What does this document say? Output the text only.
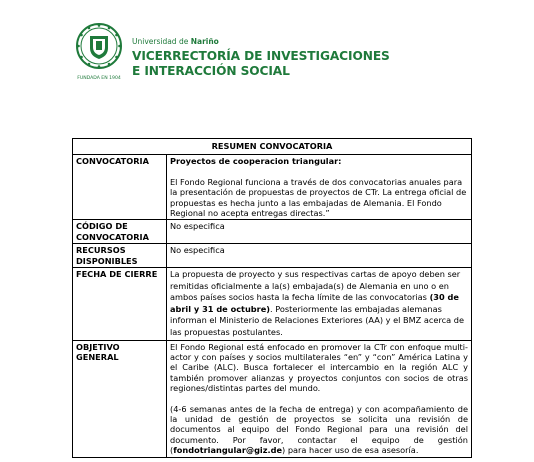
FUNDADA EN 1904
Universidad de Nariño
VICERRECTORÍA DE INVESTIGACIONES
E INTERACCIÓN SOCIAL
RESUMEN CONVOCATORIA	
CONVOCATORIA	Proyectos de cooperacion triangular:

El Fondo Regional funciona a través de dos convocatorias anuales para la presentación de propuestas de proyectos de CTr. La entrega oficial de propuestas es hecha junto a las embajadas de Alemania. El Fondo Regional no acepta entregas directas.”

CÓDIGO DE CONVOCATORIA	No especifica
RECURSOS DISPONIBLES	No especifica
FECHA DE CIERRE	La propuesta de proyecto y sus respectivas cartas de apoyo deben ser remitidas oficialmente a la(s) embajada(s) de Alemania en uno o en ambos países socios hasta la fecha límite de las convocatorias (30 de abril y 31 de octubre). Posteriormente las embajadas alemanas informan el Ministerio de Relaciones Exteriores (AA) y el BMZ acerca de las propuestas postulantes.

OBJETIVO GENERAL	El Fondo Regional está enfocado en promover la CTr con enfoque multi-actor y con países y socios multilaterales “en” y “con” América Latina y el Caribe (ALC). Busca fortalecer el intercambio en la región ALC y también promover alianzas y proyectos conjuntos con socios de otras regiones/distintas partes del mundo.

(4-6 semanas antes de la fecha de entrega) y con acompañamiento de la unidad de gestión de proyectos se solicita una revisión de documentos al equipo del Fondo Regional para una revisión del documento. Por favor, contactar el equipo de gestión (fondotriangular@giz.de) para hacer uso de esa asesoría.
